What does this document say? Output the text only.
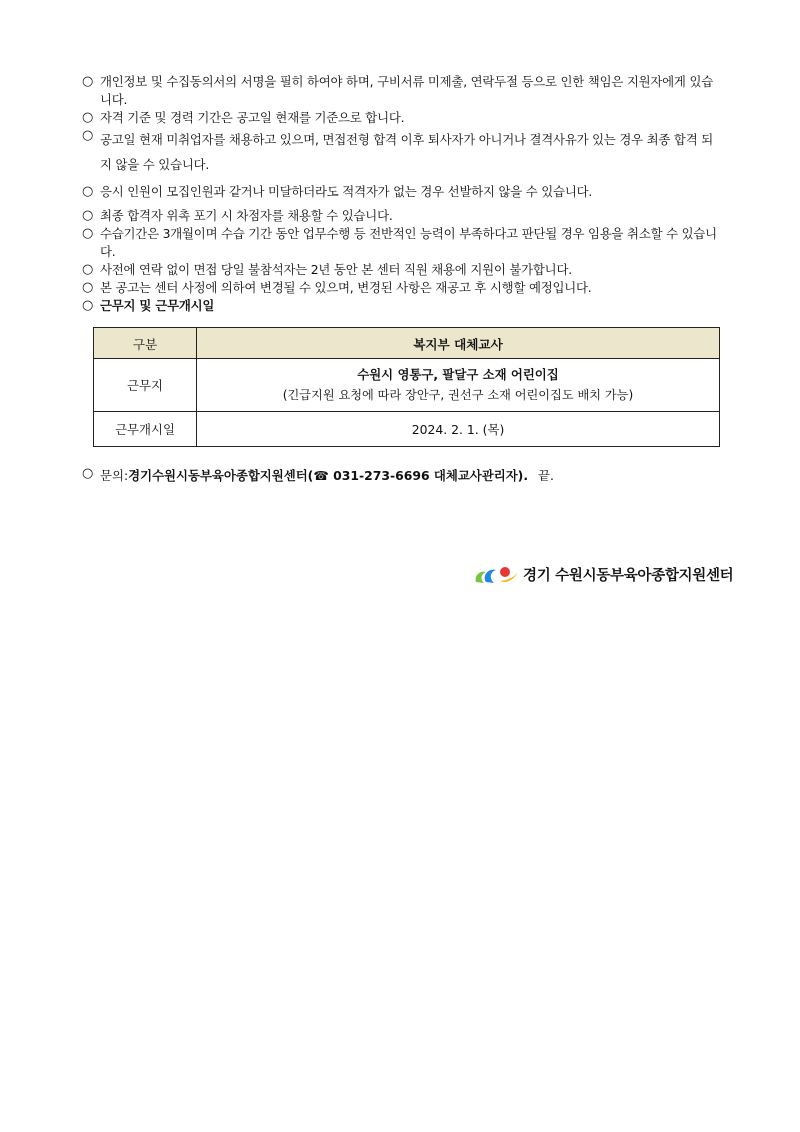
○ 개인정보 및 수집동의서의 서명을 필히 하여야 하며, 구비서류 미제출, 연락두절 등으로 인한 책임은 지원자에게 있습니다.
○ 자격 기준 및 경력 기간은 공고일 현재를 기준으로 합니다.
○ 공고일 현재 미취업자를 채용하고 있으며, 면접전형 합격 이후 퇴사자가 아니거나 결격사유가 있는 경우 최종 합격 되지 않을 수 있습니다.
○ 응시 인원이 모집인원과 같거나 미달하더라도 적격자가 없는 경우 선발하지 않을 수 있습니다.
○ 최종 합격자 위촉 포기 시 차점자를 채용할 수 있습니다.
○ 수습기간은 3개월이며 수습 기간 동안 업무수행 등 전반적인 능력이 부족하다고 판단될 경우 임용을 취소할 수 있습니다.
○ 사전에 연락 없이 면접 당일 불참석자는 2년 동안 본 센터 직원 채용에 지원이 불가합니다.
○ 본 공고는 센터 사정에 의하여 변경될 수 있으며, 변경된 사항은 재공고 후 시행할 예정입니다.
○ 근무지 및 근무개시일
구분	복지부 대체교사
근무지	수원시 영통구, 팔달구 소재 어린이집
(긴급지원 요청에 따라 장안구, 권선구 소재 어린이집도 배치 가능)

근무개시일	2024. 2. 1. (목)
○ 문의: 경기수원시동부육아종합지원센터(☎ 031-273-6696 대체교사관리자). 끝.
경기 수원시동부육아종합지원센터
